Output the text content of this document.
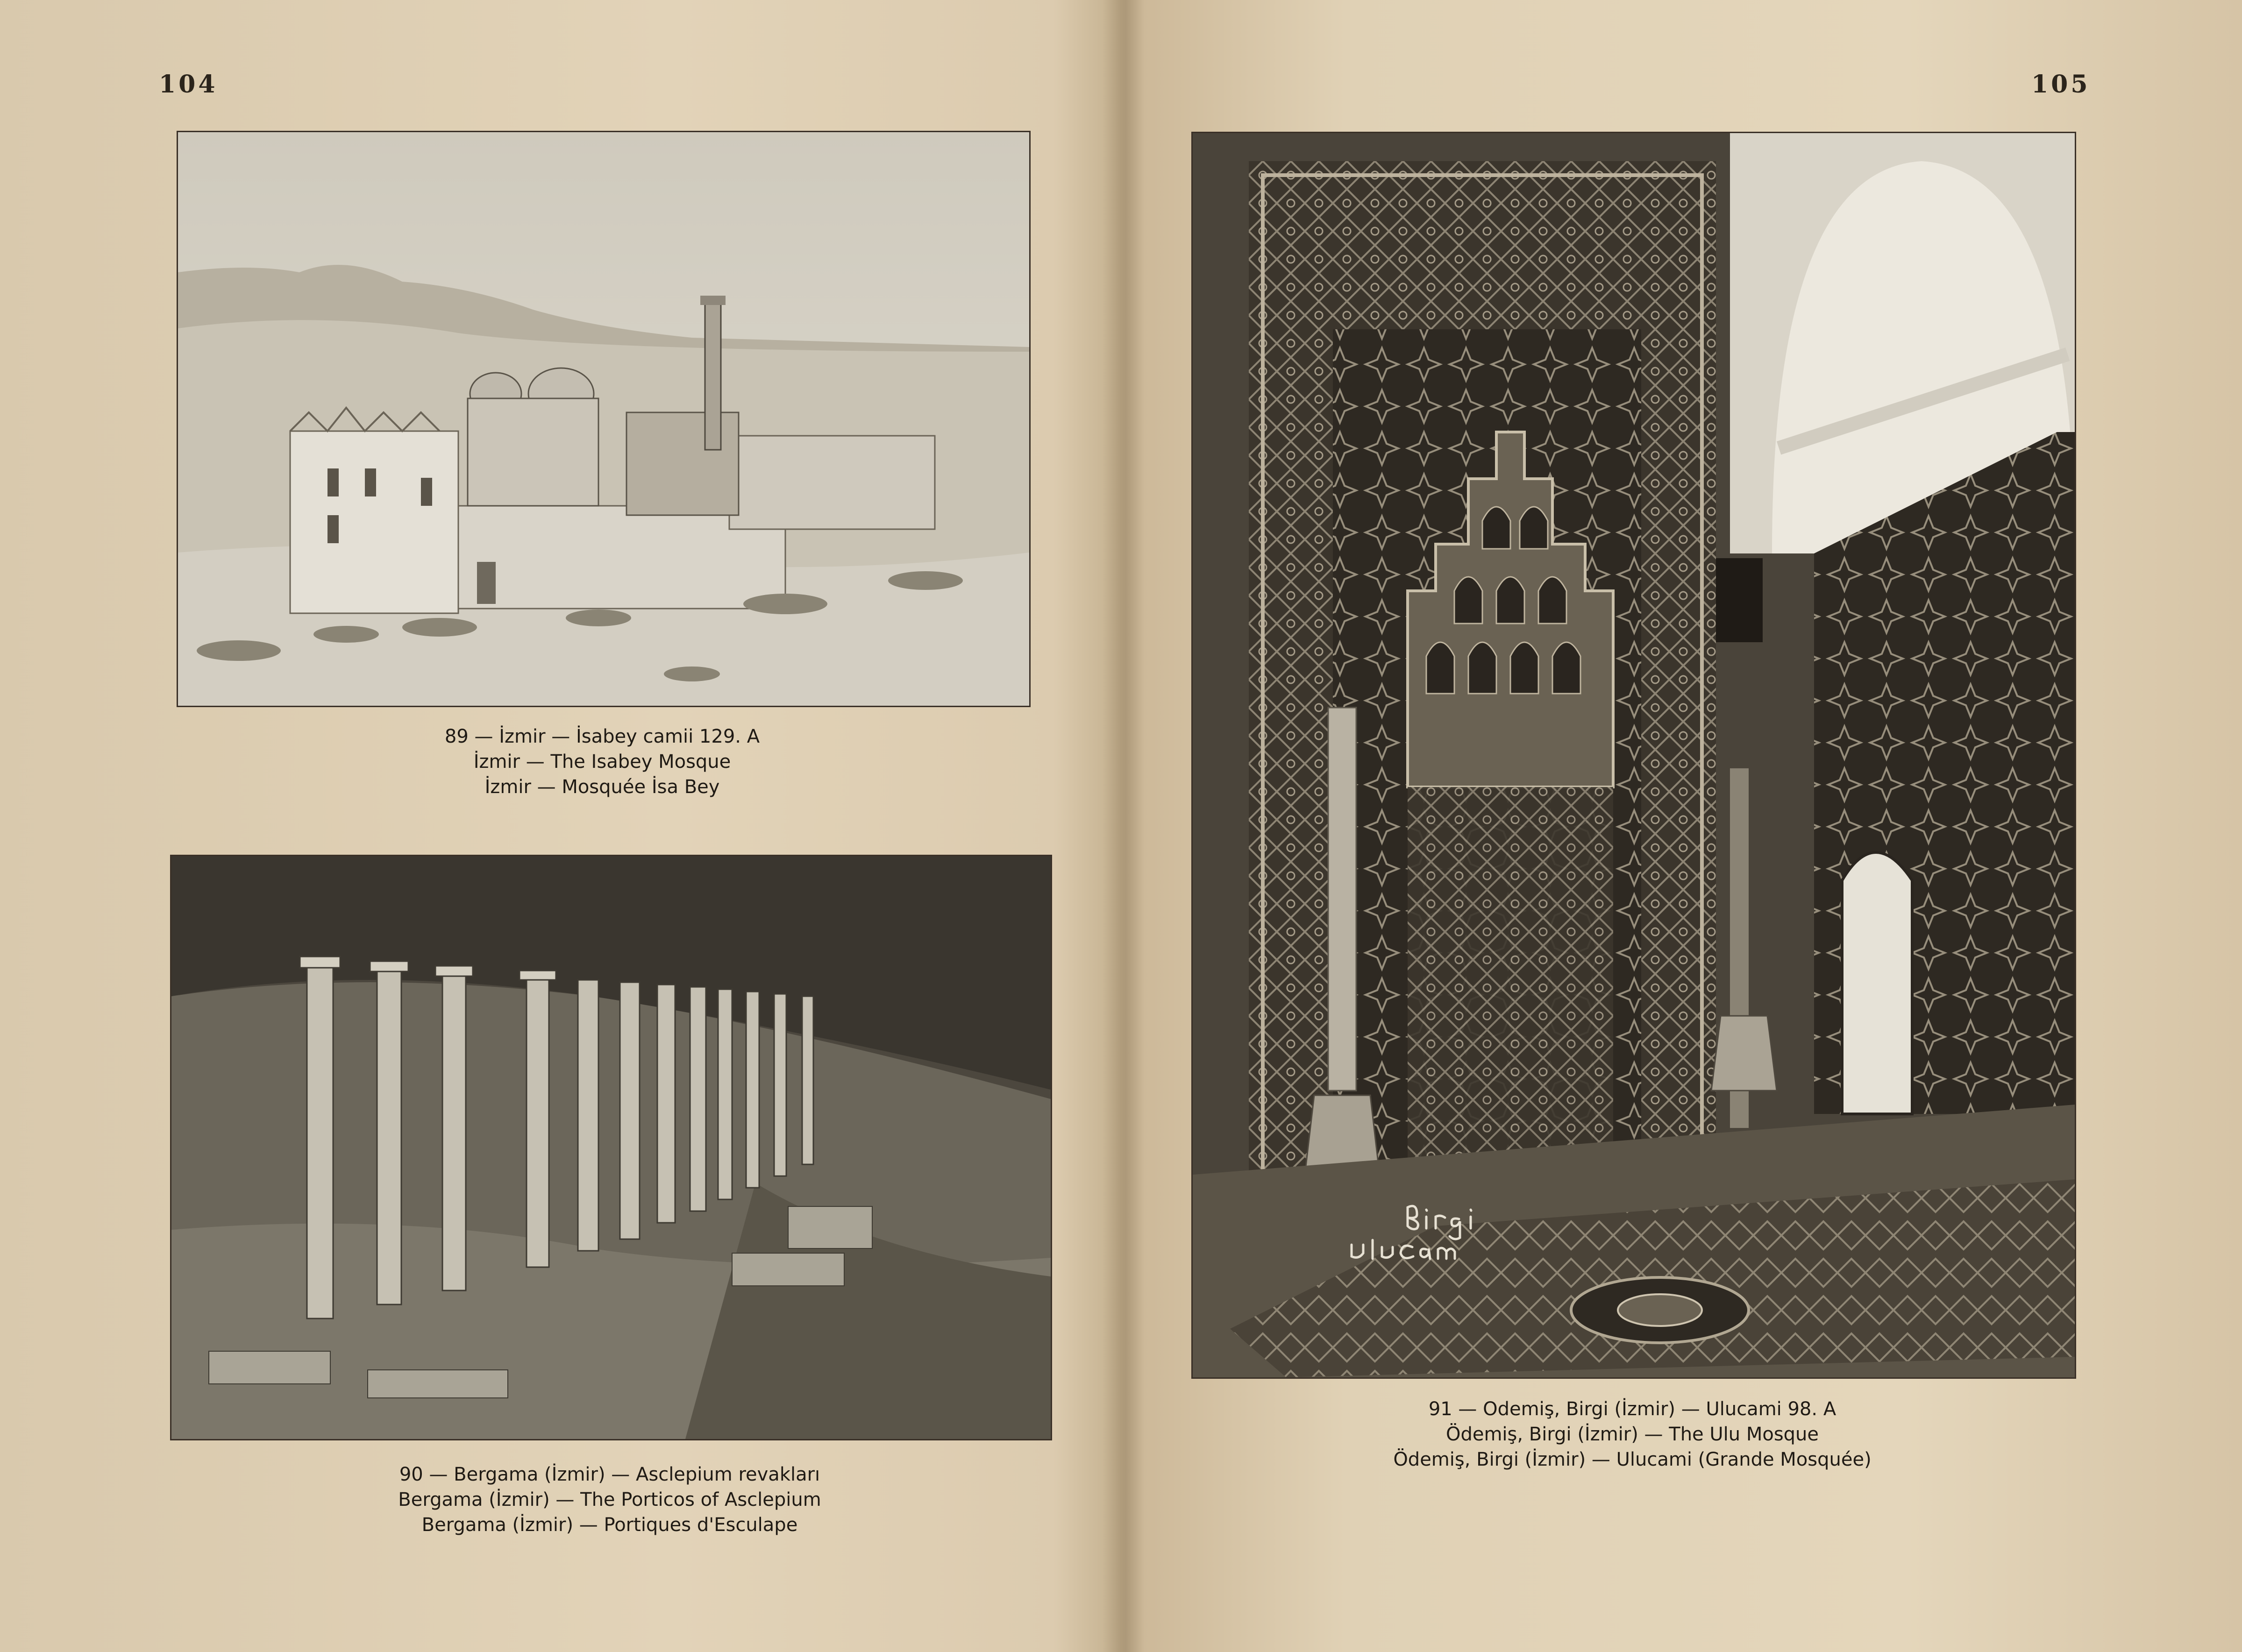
104
89 — İzmir — İsabey camii 129. A
İzmir — The Isabey Mosque
İzmir — Mosquée İsa Bey
90 — Bergama (İzmir) — Asclepium revakları
Bergama (İzmir) — The Porticos of Asclepium
Bergama (İzmir) — Portiques d'Esculape
105
91 — Odemiş, Birgi (İzmir) — Ulucami 98. A
Ödemiş, Birgi (İzmir) — The Ulu Mosque
Ödemiş, Birgi (İzmir) — Ulucami (Grande Mosquée)
